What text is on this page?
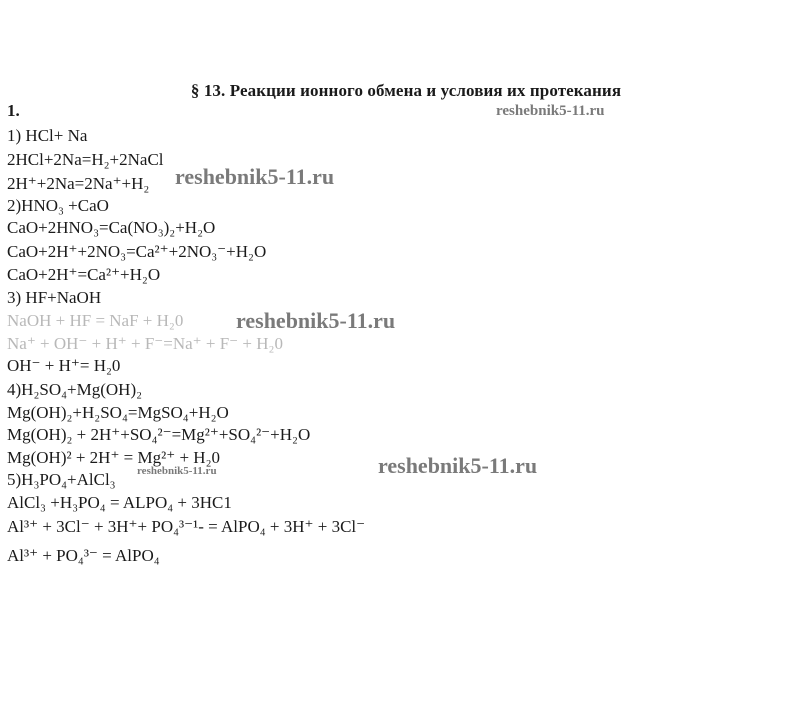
§ 13. Реакции ионного обмена и условия их протекания
1.
1) HCl+ Na
2HCl+2Na=H₂+2NaCl
2H⁺+2Na=2Na⁺+H₂
2)HNO₃ +CaO
CaO+2HNO₃=Ca(NO₃)₂+H₂O
CaO+2H⁺+2NO₃=Ca²⁺+2NO₃⁻+H₂O
CaO+2H⁺=Ca²⁺+H₂O
3) HF+NaOH
NaOH + HF = NaF + H₂0
Na⁺ + OH⁻ + H⁺ + F⁻=Na⁺ + F⁻ + H₂0
OH⁻ + H⁺= H₂0
4)H₂SO₄+Mg(OH)₂
Mg(OH)₂+H₂SO₄=MgSO₄+H₂O
Mg(OH)₂ + 2H⁺+SO₄²⁻=Mg²⁺+SO₄²⁻+H₂O
Mg(OH)² + 2H⁺ = Mg²⁺ + H₂0
5)H₃PO₄+AlCl₃
AlCl₃ +H₃PO₄ = ALPO₄ + 3HC1
Al³⁺ + 3Cl⁻ + 3H⁺+ PO₄³⁻¹- = AlPO₄ + 3H⁺ + 3Cl⁻
Al³⁺ + PO₄³⁻ = AlPO₄
reshebnik5-11.ru
reshebnik5-11.ru
reshebnik5-11.ru
reshebnik5-11.ru	reshebnik5-11.ru
